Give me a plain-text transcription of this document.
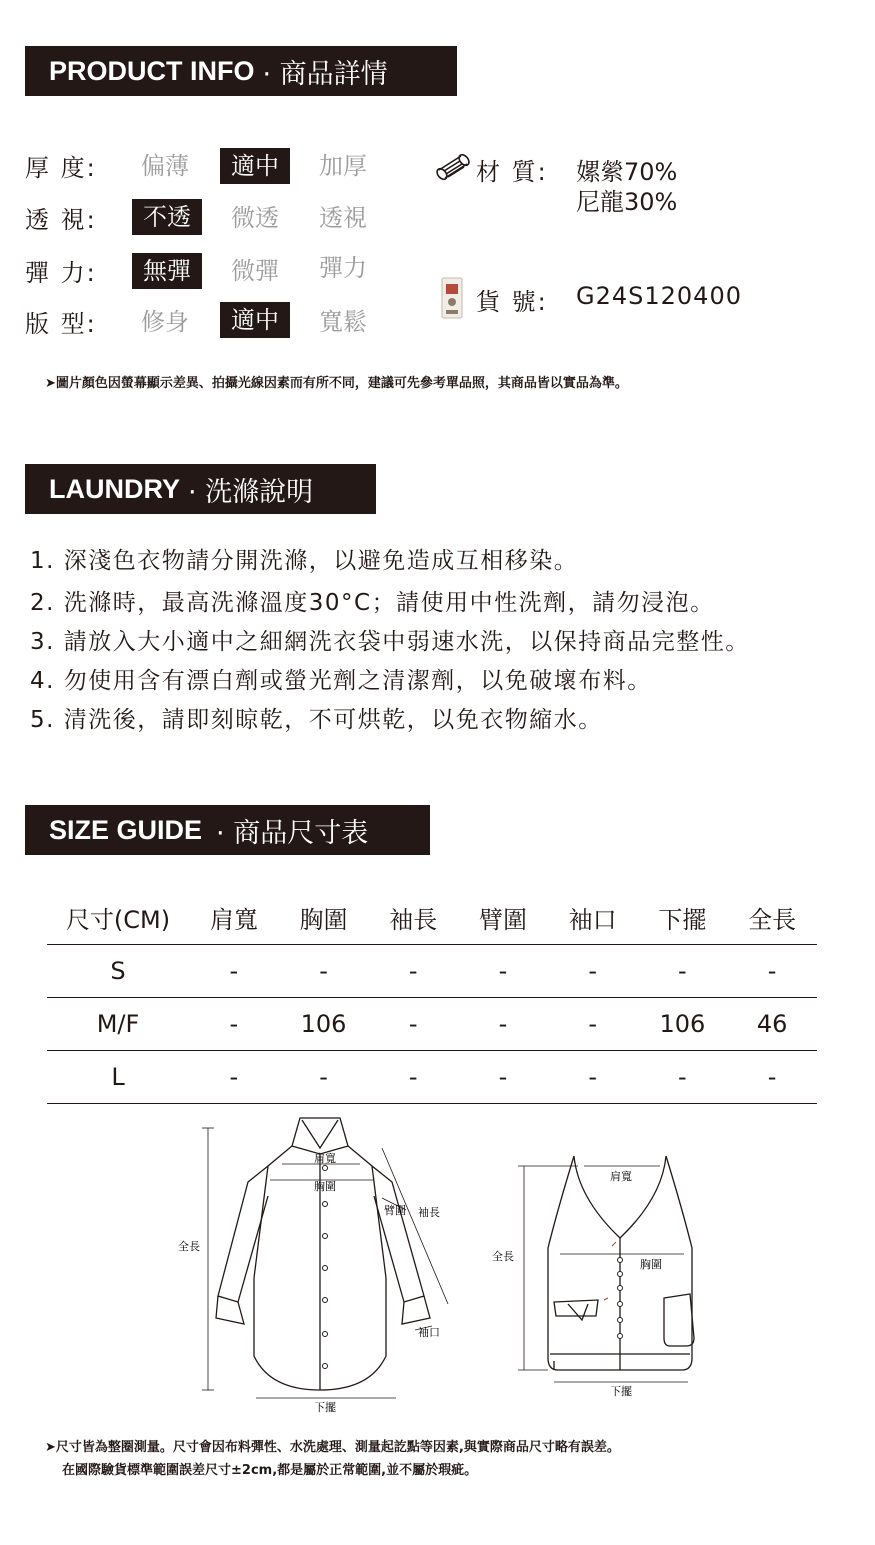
PRODUCT INFO · 商品詳情
厚 度: 偏薄	適中	加厚
透 視:	不透	微透 透視
彈 力:	無彈	微彈 彈力
版 型: 修身	適中	寬鬆
材 質: 嫘縈70%
尼龍30%
貨 號: G24S120400
➤圖片顏色因螢幕顯示差異、拍攝光線因素而有所不同，建議可先參考單品照，其商品皆以實品為準。
LAUNDRY · 洗滌說明
1. 深淺色衣物請分開洗滌，以避免造成互相移染。
2. 洗滌時，最高洗滌溫度30°C；請使用中性洗劑，請勿浸泡。
3. 請放入大小適中之細網洗衣袋中弱速水洗，以保持商品完整性。
4. 勿使用含有漂白劑或螢光劑之清潔劑，以免破壞布料。
5. 清洗後，請即刻晾乾，不可烘乾，以免衣物縮水。
SIZE GUIDE · 商品尺寸表
尺寸(CM)	肩寬	胸圍	袖長	臂圍	袖口	下擺	全長
S	-	-	-	-	-	-	-
M/F	-	106	-	-	-	106	46
L	-	-	-	-	-	-	-
肩寬
胸圍
臂圍 袖長
全長
袖口
下擺
肩寬
胸圍
全長
下擺
➤尺寸皆為整圈測量。尺寸會因布料彈性、水洗處理、測量起訖點等因素,與實際商品尺寸略有誤差。
在國際驗貨標準範圍誤差尺寸±2cm,都是屬於正常範圍,並不屬於瑕疵。
